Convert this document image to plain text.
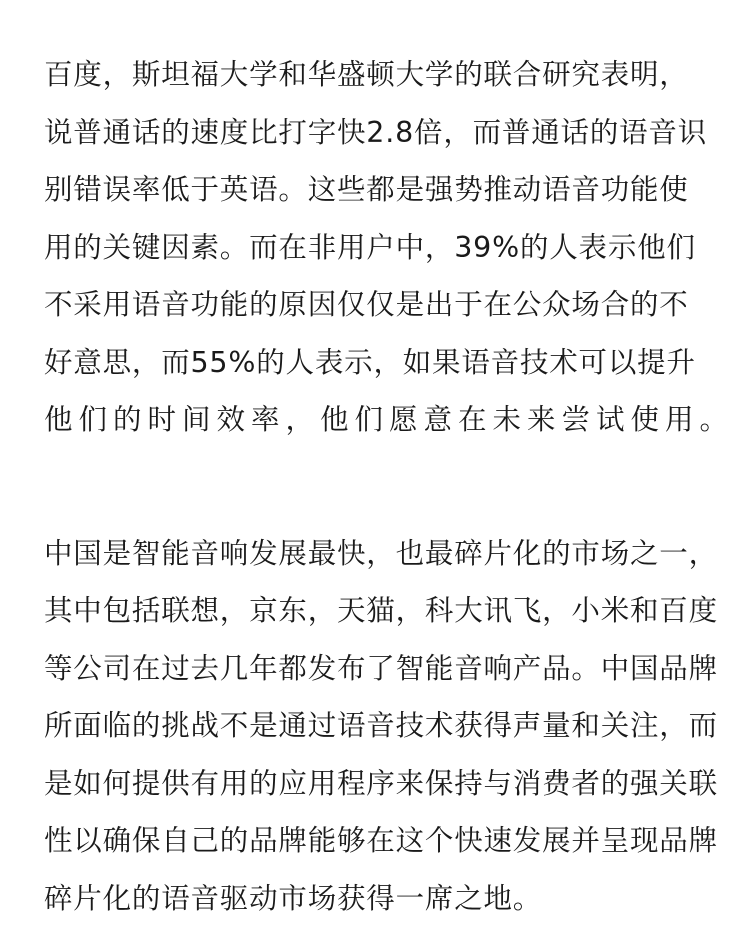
百度，斯坦福大学和华盛顿大学的联合研究表明，
说普通话的速度比打字快2.8倍，而普通话的语音识
别错误率低于英语。这些都是强势推动语音功能使
用的关键因素。而在非用户中，39%的人表示他们
不采用语音功能的原因仅仅是出于在公众场合的不
好意思，而55%的人表示，如果语音技术可以提升
他们的时间效率，他们愿意在未来尝试使用。
中国是智能音响发展最快，也最碎片化的市场之一，
其中包括联想，京东，天猫，科大讯飞，小米和百度
等公司在过去几年都发布了智能音响产品。中国品牌
所面临的挑战不是通过语音技术获得声量和关注，而
是如何提供有用的应用程序来保持与消费者的强关联
性以确保自己的品牌能够在这个快速发展并呈现品牌
碎片化的语音驱动市场获得一席之地。
